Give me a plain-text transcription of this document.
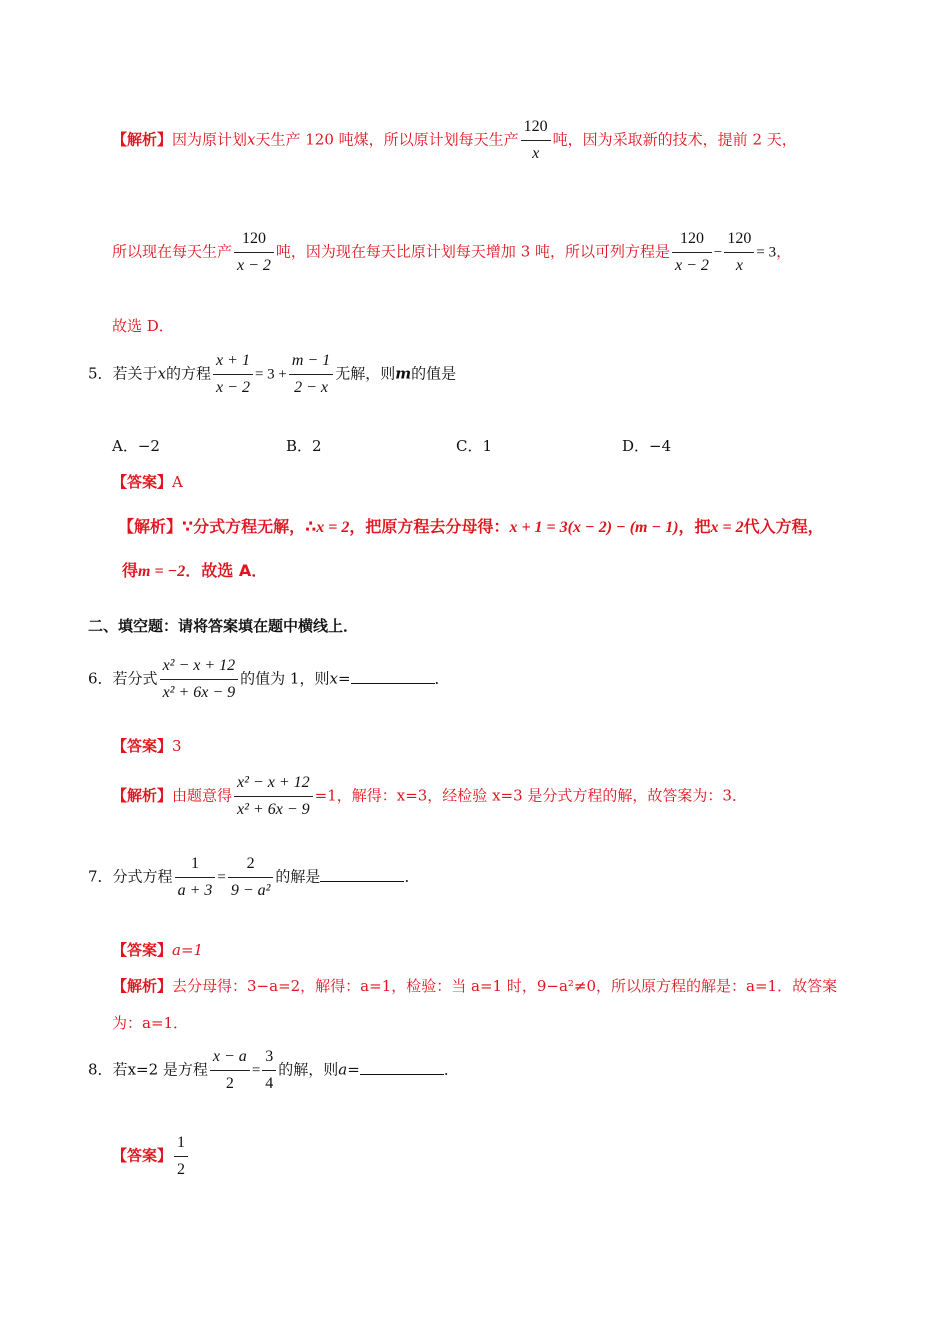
【解析】因为原计划x天生产 120 吨煤，所以原计划每天生产 $\frac{120}{x}$ 吨，因为采取新的技术，提前 2 天，
所以现在每天生产 $\frac{120}{x - 2}$ 吨，因为现在每天比原计划每天增加 3 吨，所以可列方程是 $\frac{120}{x - 2} - \frac{120}{x} = 3$，
故选 D．
5．若关于x的方程 $\frac{x + 1}{x - 2} = 3 + \frac{m - 1}{2 - x}$ 无解，则m的值是
A．−2	B．2	C．1	D．−4
【答案】A
【解析】∵分式方程无解，∴x = 2，把原方程去分母得：x + 1 = 3(x − 2) − (m − 1)，把x = 2代入方程，
得m = −2．故选 A．
二、填空题：请将答案填在题中横线上．
6．若分式 $\frac{\text{x² − x + 12}}{\text{x² + 6x − 9}}$ 的值为 1，则x=	．
【答案】3
【解析】由题意得 $\frac{\text{x² − x + 12}}{\text{x² + 6x − 9}} =1$，解得：x=3，经检验 x=3 是分式方程的解，故答案为：3．
7．分式方程 $\frac{1}{a + 3} = \frac{2}{\text{9 − a²}}$ 的解是	．
【答案】a=1
【解析】去分母得：3−a=2，解得：a=1，检验：当 a=1 时，9−a²≠0，所以原方程的解是：a=1．故答案
为：a=1．
8．若x=2 是方程 $\frac{x - a}{2} = \frac{3}{4}$ 的解，则a=	．
【答案】 $\frac{1}{2}$
